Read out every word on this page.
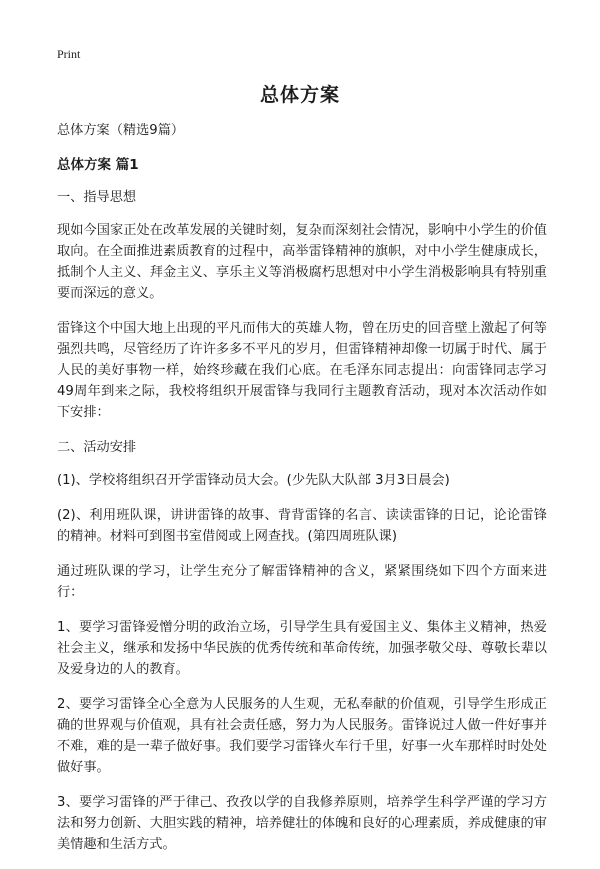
Print
总体方案

总体方案（精选9篇）

总体方案 篇1

一、指导思想

现如今国家正处在改革发展的关键时刻，复杂而深刻社会情况，影响中小学生的价值取向。在全面推进素质教育的过程中，高举雷锋精神的旗帜，对中小学生健康成长，抵制个人主义、拜金主义、享乐主义等消极腐朽思想对中小学生消极影响具有特别重要而深远的意义。

雷锋这个中国大地上出现的平凡而伟大的英雄人物，曾在历史的回音壁上激起了何等强烈共鸣，尽管经历了许许多多不平凡的岁月，但雷锋精神却像一切属于时代、属于人民的美好事物一样，始终珍藏在我们心底。在毛泽东同志提出：向雷锋同志学习49周年到来之际，我校将组织开展雷锋与我同行主题教育活动，现对本次活动作如下安排：

二、活动安排

(1)、学校将组织召开学雷锋动员大会。(少先队大队部 3月3日晨会)

(2)、利用班队课，讲讲雷锋的故事、背背雷锋的名言、读读雷锋的日记，论论雷锋的精神。材料可到图书室借阅或上网查找。(第四周班队课)

通过班队课的学习，让学生充分了解雷锋精神的含义，紧紧围绕如下四个方面来进行：

1、要学习雷锋爱憎分明的政治立场，引导学生具有爱国主义、集体主义精神，热爱社会主义，继承和发扬中华民族的优秀传统和革命传统，加强孝敬父母、尊敬长辈以及爱身边的人的教育。

2、要学习雷锋全心全意为人民服务的人生观，无私奉献的价值观，引导学生形成正确的世界观与价值观，具有社会责任感，努力为人民服务。雷锋说过人做一件好事并不难，难的是一辈子做好事。我们要学习雷锋火车行千里，好事一火车那样时时处处做好事。

3、要学习雷锋的严于律己、孜孜以学的自我修养原则，培养学生科学严谨的学习方法和努力创新、大胆实践的精神，培养健壮的体魄和良好的心理素质，养成健康的审美情趣和生活方式。
